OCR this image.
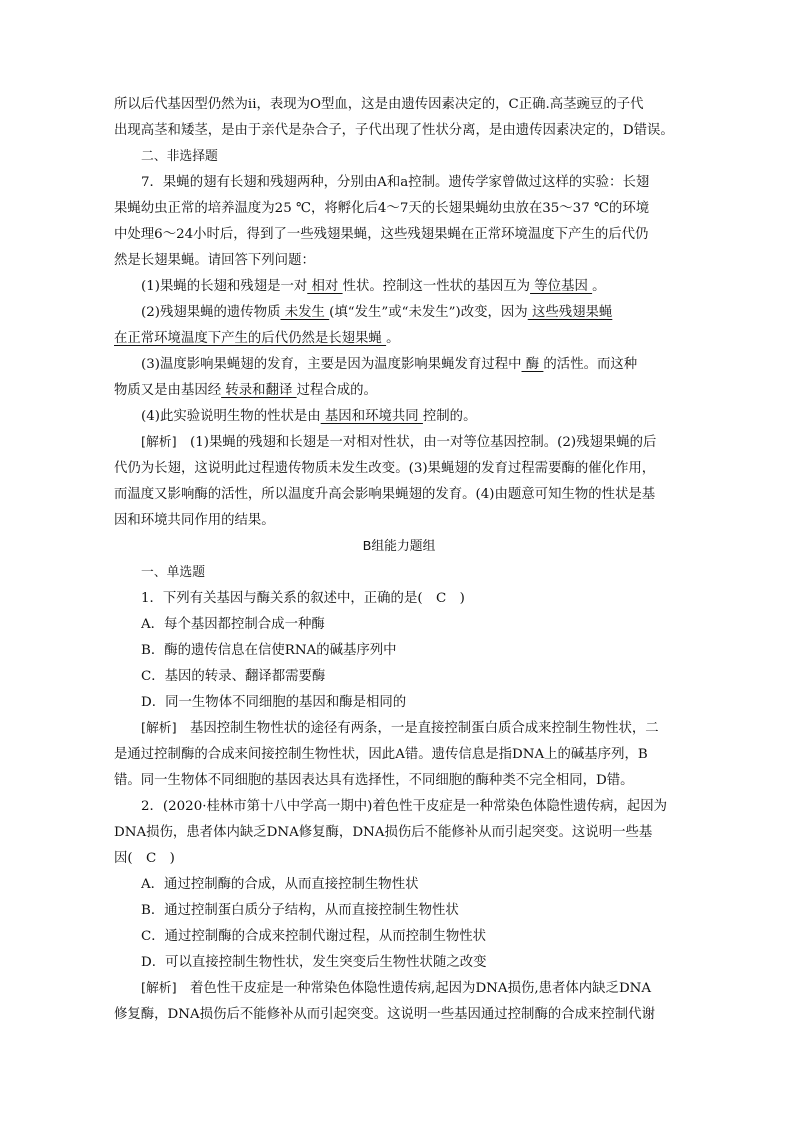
所以后代基因型仍然为ii，表现为O型血，这是由遗传因素决定的，C正确.高茎豌豆的子代
出现高茎和矮茎，是由于亲代是杂合子，子代出现了性状分离，是由遗传因素决定的，D错误。
二、非选择题
7．果蝇的翅有长翅和残翅两种，分别由A和a控制。遗传学家曾做过这样的实验：长翅
果蝇幼虫正常的培养温度为25 ℃，将孵化后4～7天的长翅果蝇幼虫放在35～37 ℃的环境
中处理6～24小时后，得到了一些残翅果蝇，这些残翅果蝇在正常环境温度下产生的后代仍
然是长翅果蝇。请回答下列问题：
(1)果蝇的长翅和残翅是一对 相对 性状。控制这一性状的基因互为 等位基因 。
(2)残翅果蝇的遗传物质 未发生 (填“发生”或“未发生”)改变，因为 这些残翅果蝇
在正常环境温度下产生的后代仍然是长翅果蝇 。
(3)温度影响果蝇翅的发育，主要是因为温度影响果蝇发育过程中 酶 的活性。而这种
物质又是由基因经 转录和翻译 过程合成的。
(4)此实验说明生物的性状是由 基因和环境共同 控制的。
[解析]　(1)果蝇的残翅和长翅是一对相对性状，由一对等位基因控制。(2)残翅果蝇的后
代仍为长翅，这说明此过程遗传物质未发生改变。(3)果蝇翅的发育过程需要酶的催化作用，
而温度又影响酶的活性，所以温度升高会影响果蝇翅的发育。(4)由题意可知生物的性状是基
因和环境共同作用的结果。
B组能力题组
一、单选题
1．下列有关基因与酶关系的叙述中，正确的是(　C　)
A．每个基因都控制合成一种酶
B．酶的遗传信息在信使RNA的碱基序列中
C．基因的转录、翻译都需要酶
D．同一生物体不同细胞的基因和酶是相同的
[解析]　基因控制生物性状的途径有两条，一是直接控制蛋白质合成来控制生物性状，二
是通过控制酶的合成来间接控制生物性状，因此A错。遗传信息是指DNA上的碱基序列，B
错。同一生物体不同细胞的基因表达具有选择性，不同细胞的酶种类不完全相同，D错。
2．(2020·桂林市第十八中学高一期中)着色性干皮症是一种常染色体隐性遗传病，起因为
DNA损伤，患者体内缺乏DNA修复酶，DNA损伤后不能修补从而引起突变。这说明一些基
因(　C　)
A．通过控制酶的合成，从而直接控制生物性状
B．通过控制蛋白质分子结构，从而直接控制生物性状
C．通过控制酶的合成来控制代谢过程，从而控制生物性状
D．可以直接控制生物性状，发生突变后生物性状随之改变
[解析]　着色性干皮症是一种常染色体隐性遗传病,起因为DNA损伤,患者体内缺乏DNA
修复酶，DNA损伤后不能修补从而引起突变。这说明一些基因通过控制酶的合成来控制代谢
